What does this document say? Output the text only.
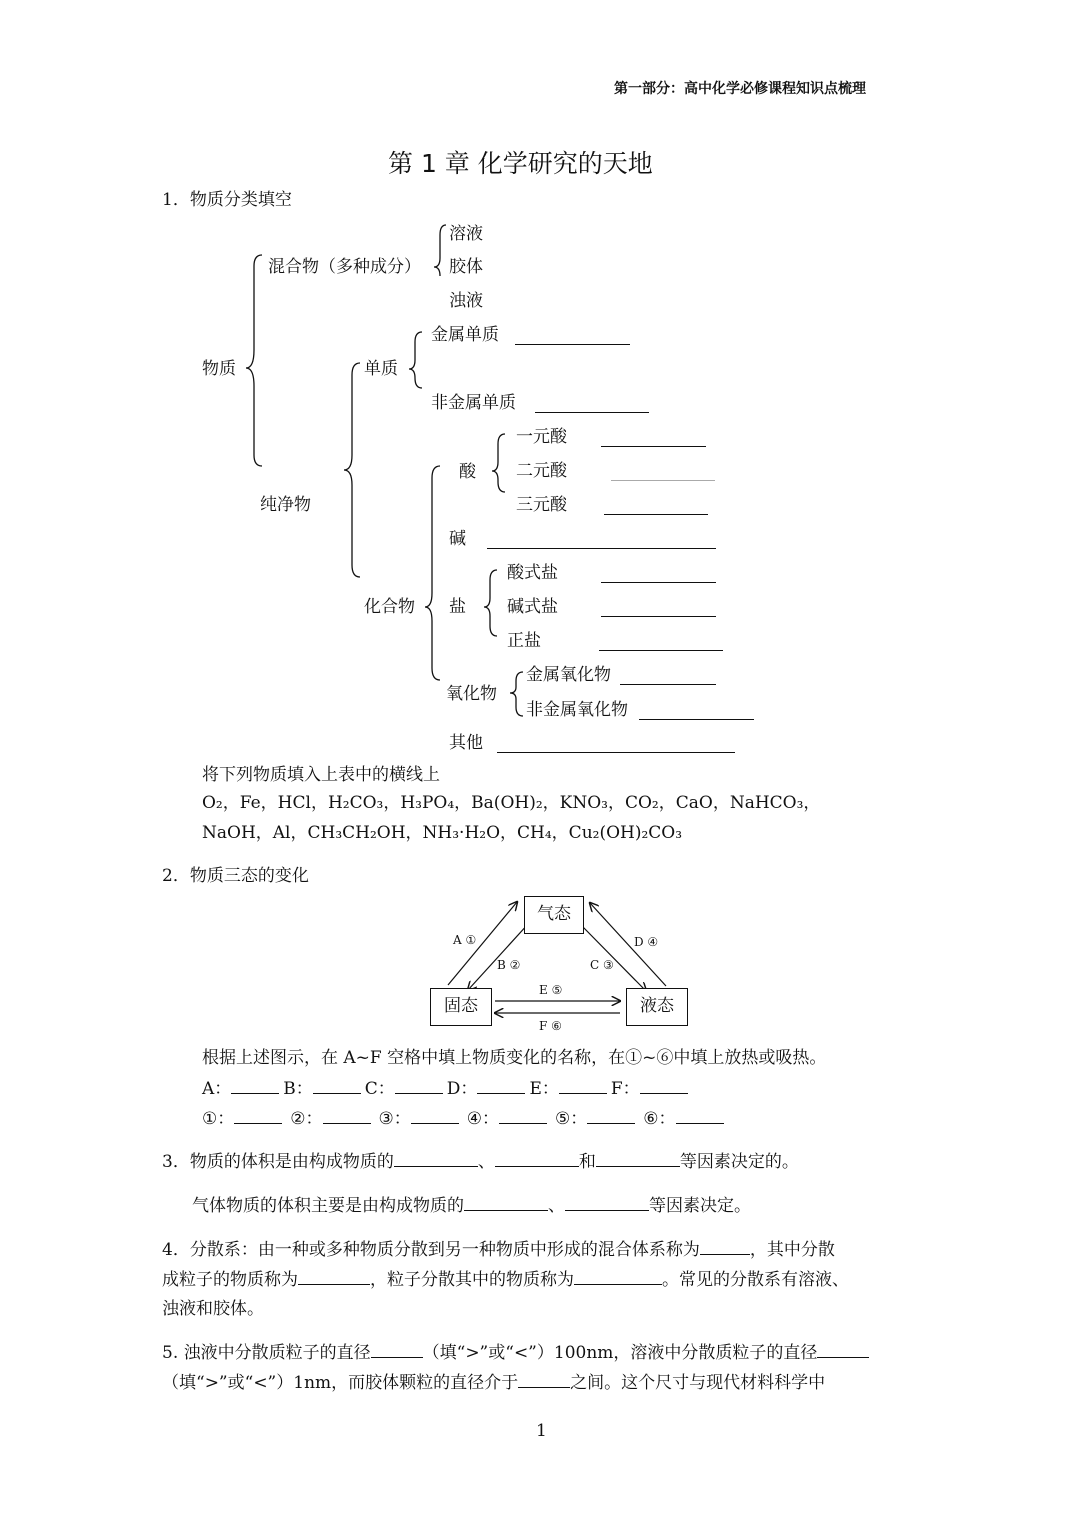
第一部分：高中化学必修课程知识点梳理
第 1 章 化学研究的天地
1．物质分类填空
物质
混合物（多种成分）
溶液
胶体
浊液
纯净物
单质
金属单质
非金属单质
化合物
酸
一元酸
二元酸
三元酸
碱
盐
酸式盐
碱式盐
正盐
氧化物
金属氧化物
非金属氧化物
其他
将下列物质填入上表中的横线上
O₂，Fe，HCl，H₂CO₃，H₃PO₄，Ba(OH)₂，KNO₃，CO₂，CaO，NaHCO₃，
NaOH，Al，CH₃CH₂OH，NH₃·H₂O，CH₄，Cu₂(OH)₂CO₃
2．物质三态的变化
气态
固态	液态
A ①
B ②	C ③
D ④
E ⑤
F ⑥
根据上述图示，在 A~F 空格中填上物质变化的名称，在①~⑥中填上放热或吸热。
A：	B：	C：	D：	E：	F：
①：	②：	③：	④：	⑤：	⑥：
3．物质的体积是由构成物质的	、	和	等因素决定的。
气体物质的体积主要是由构成物质的	、	等因素决定。
4．分散系：由一种或多种物质分散到另一种物质中形成的混合体系称为	，其中分散
成粒子的物质称为	，粒子分散其中的物质称为	。常见的分散系有溶液、
浊液和胶体。
5. 浊液中分散质粒子的直径	（填“>”或“<”）100nm，溶液中分散质粒子的直径
（填“>”或“<”）1nm，而胶体颗粒的直径介于	之间。这个尺寸与现代材料科学中
1
